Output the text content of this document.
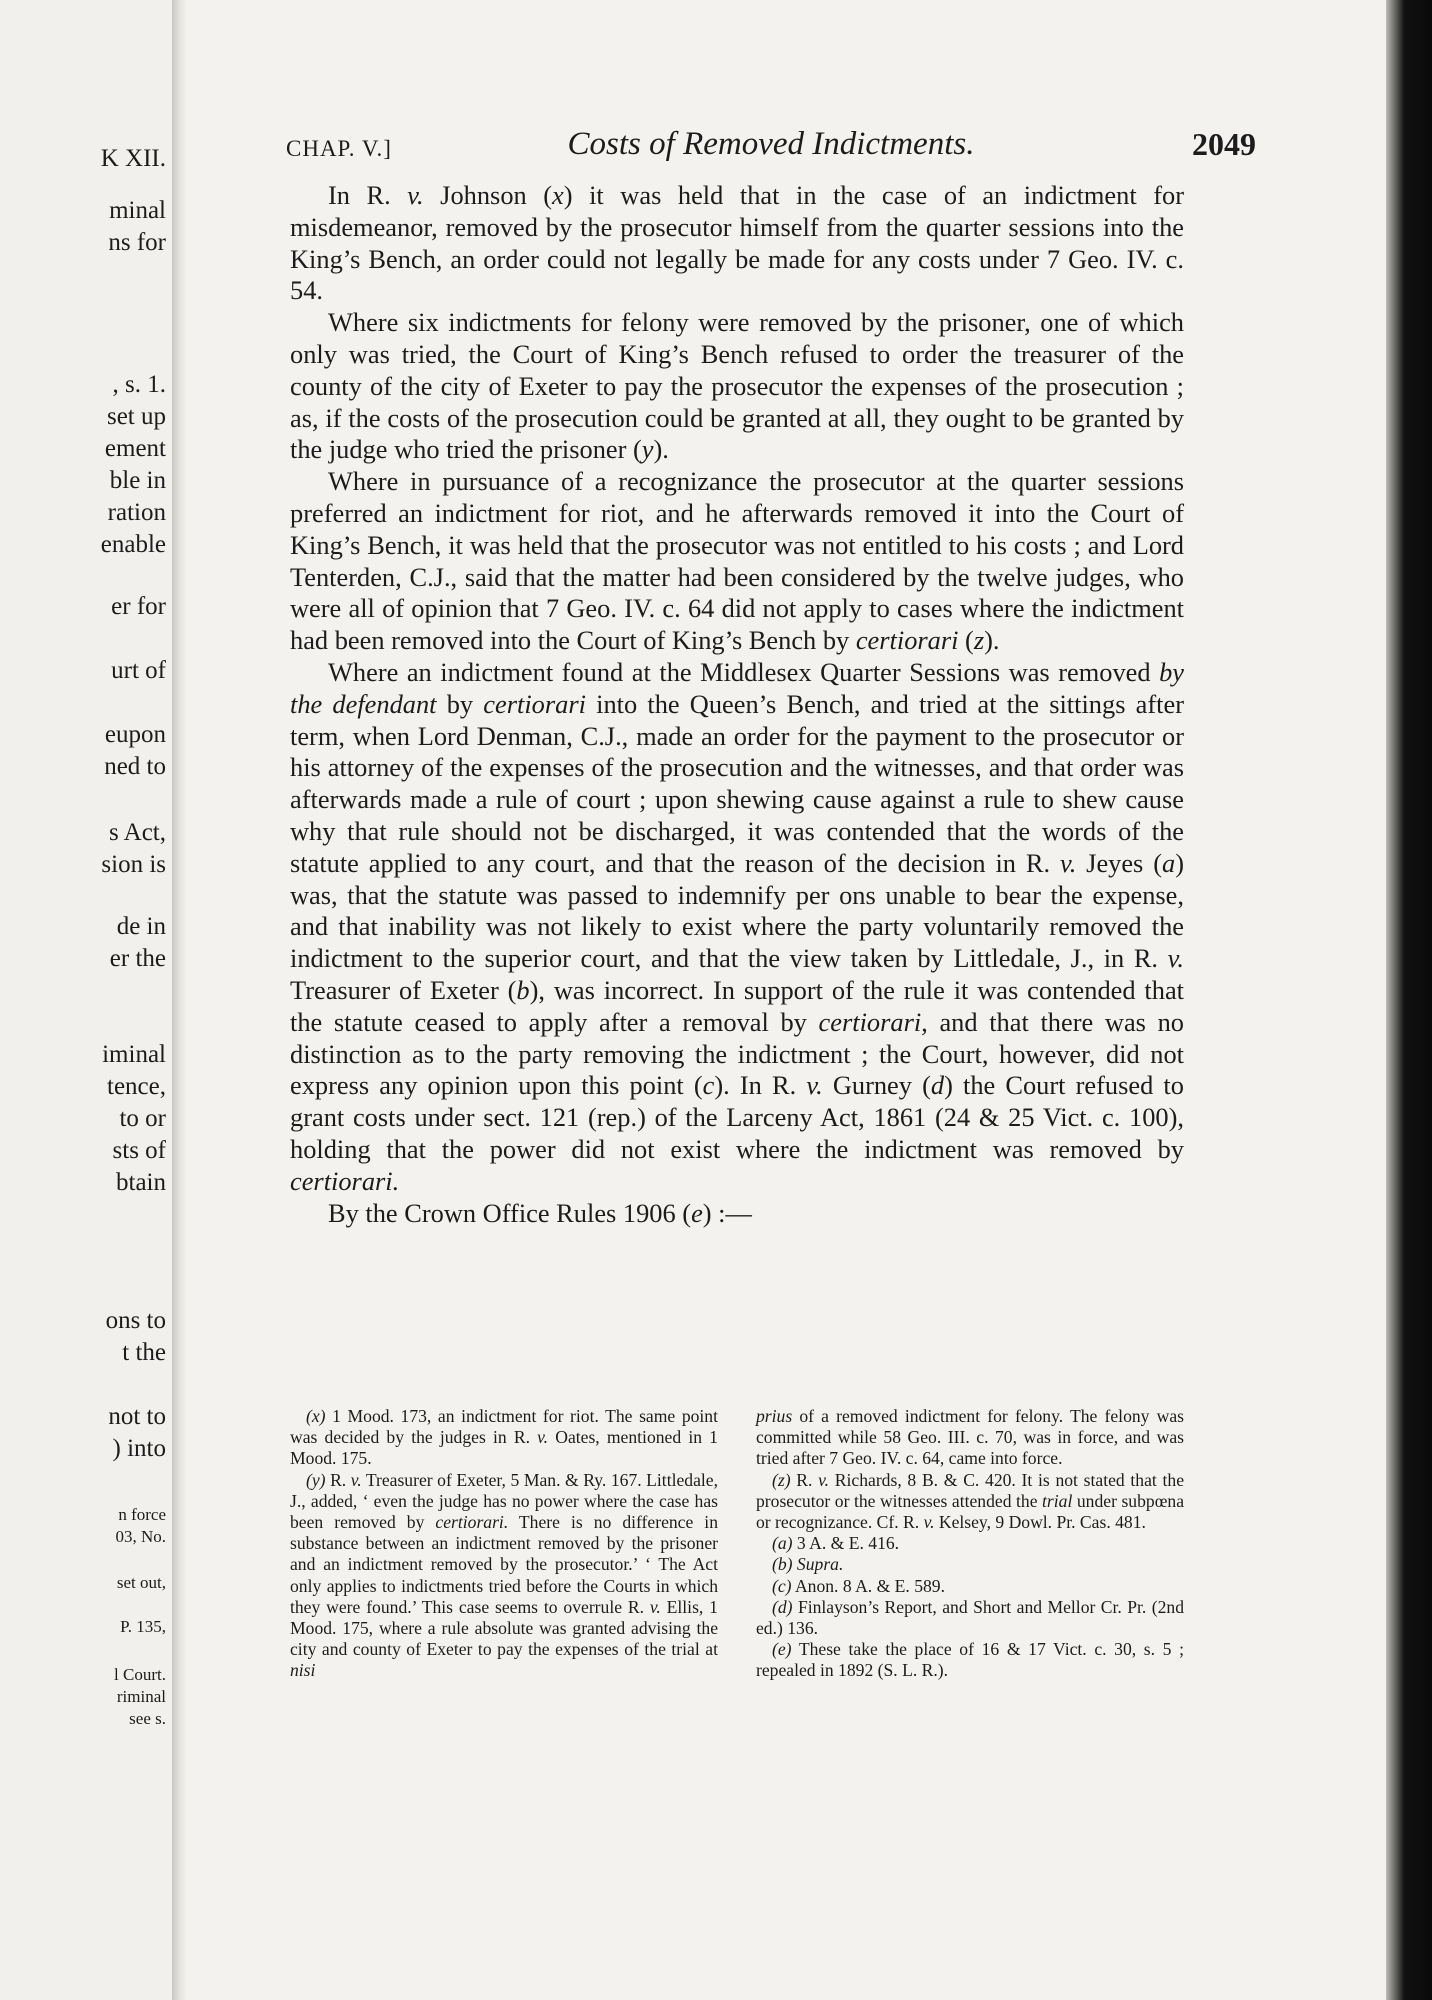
K XII.
minal
ns for
, s. 1.
set up
ement
ble in
ration
enable
er for
urt of
eupon
ned to
s Act,
sion is
de in
er the
iminal
tence,
to or
sts of
btain
ons to
t the
not to
) into
n force
03, No.
set out,
P. 135,
l Court.
riminal
see s.
CHAP. V.]	Costs of Removed Indictments.	2049

In R. v. Johnson (x) it was held that in the case of an indictment for misdemeanor, removed by the prosecutor himself from the quarter sessions into the King’s Bench, an order could not legally be made for any costs under 7 Geo. IV. c. 54.

Where six indictments for felony were removed by the prisoner, one of which only was tried, the Court of King’s Bench refused to order the treasurer of the county of the city of Exeter to pay the prosecutor the expenses of the prosecution ; as, if the costs of the prosecution could be granted at all, they ought to be granted by the judge who tried the prisoner (y).

Where in pursuance of a recognizance the prosecutor at the quarter sessions preferred an indictment for riot, and he afterwards removed it into the Court of King’s Bench, it was held that the prosecutor was not entitled to his costs ; and Lord Tenterden, C.J., said that the matter had been considered by the twelve judges, who were all of opinion that 7 Geo. IV. c. 64 did not apply to cases where the indictment had been removed into the Court of King’s Bench by certiorari (z).

Where an indictment found at the Middlesex Quarter Sessions was removed by the defendant by certiorari into the Queen’s Bench, and tried at the sittings after term, when Lord Denman, C.J., made an order for the payment to the prosecutor or his attorney of the expenses of the prosecution and the witnesses, and that order was afterwards made a rule of court ; upon shewing cause against a rule to shew cause why that rule should not be discharged, it was contended that the words of the statute applied to any court, and that the reason of the decision in R. v. Jeyes (a) was, that the statute was passed to indemnify per ons unable to bear the expense, and that inability was not likely to exist where the party voluntarily removed the indictment to the superior court, and that the view taken by Littledale, J., in R. v. Treasurer of Exeter (b), was incorrect. In support of the rule it was contended that the statute ceased to apply after a removal by certiorari, and that there was no distinction as to the party removing the indictment ; the Court, however, did not express any opinion upon this point (c). In R. v. Gurney (d) the Court refused to grant costs under sect. 121 (rep.) of the Larceny Act, 1861 (24 & 25 Vict. c. 100), holding that the power did not exist where the indictment was removed by certiorari.

By the Crown Office Rules 1906 (e) :—

(x) 1 Mood. 173, an indictment for riot. The same point was decided by the judges in R. v. Oates, mentioned in 1 Mood. 175.

(y) R. v. Treasurer of Exeter, 5 Man. & Ry. 167. Littledale, J., added, ‘ even the judge has no power where the case has been removed by certiorari. There is no difference in substance between an indictment removed by the prisoner and an indictment removed by the prosecutor.’ ‘ The Act only applies to indictments tried before the Courts in which they were found.’ This case seems to overrule R. v. Ellis, 1 Mood. 175, where a rule absolute was granted advising the city and county of Exeter to pay the expenses of the trial at nisi

prius of a removed indictment for felony. The felony was committed while 58 Geo. III. c. 70, was in force, and was tried after 7 Geo. IV. c. 64, came into force.

(z) R. v. Richards, 8 B. & C. 420. It is not stated that the prosecutor or the witnesses attended the trial under subpœna or recognizance. Cf. R. v. Kelsey, 9 Dowl. Pr. Cas. 481.

(a) 3 A. & E. 416.

(b) Supra.

(c) Anon. 8 A. & E. 589.

(d) Finlayson’s Report, and Short and Mellor Cr. Pr. (2nd ed.) 136.

(e) These take the place of 16 & 17 Vict. c. 30, s. 5 ; repealed in 1892 (S. L. R.).
